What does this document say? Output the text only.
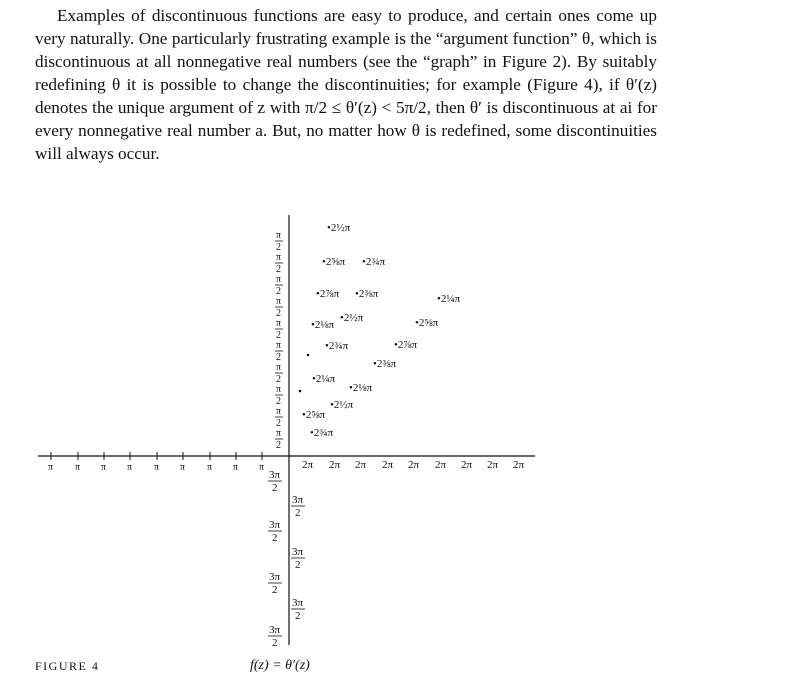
Examples of discontinuous functions are easy to produce, and certain ones come up very naturally. One particularly frustrating example is the “argument function” θ, which is discontinuous at all nonnegative real numbers (see the “graph” in Figure 2). By suitably redefining θ it is possible to change the discontinuities; for example (Figure 4), if θ′(z) denotes the unique argument of z with π/2 ≤ θ′(z) < 5π/2, then θ′ is discontinuous at ai for every nonnegative real number a. But, no matter how θ is redefined, some discontinuities will always occur.

π π π π π π π π π	2π 2π 2π 2π 2π 2π 2π 2π 2π
π
2
π
2
π
2
π
2
π
2
π
2
π
2
π
2
π
2
π
2
3π
2
3π
2
3π
2
3π
2
3π
2
3π
2
3π
2
•2½π
•2⅝π •2¾π
•2⅞π •2⅜π	•2¼π
•2⅛π
•2½π	•2⅝π
•2¾π	•2⅞π
•2⅜π
•2¼π
•2⅛π
•2½π
•2⅝π
•2¾π
FIGURE 4	f(z) = θ′(z)
